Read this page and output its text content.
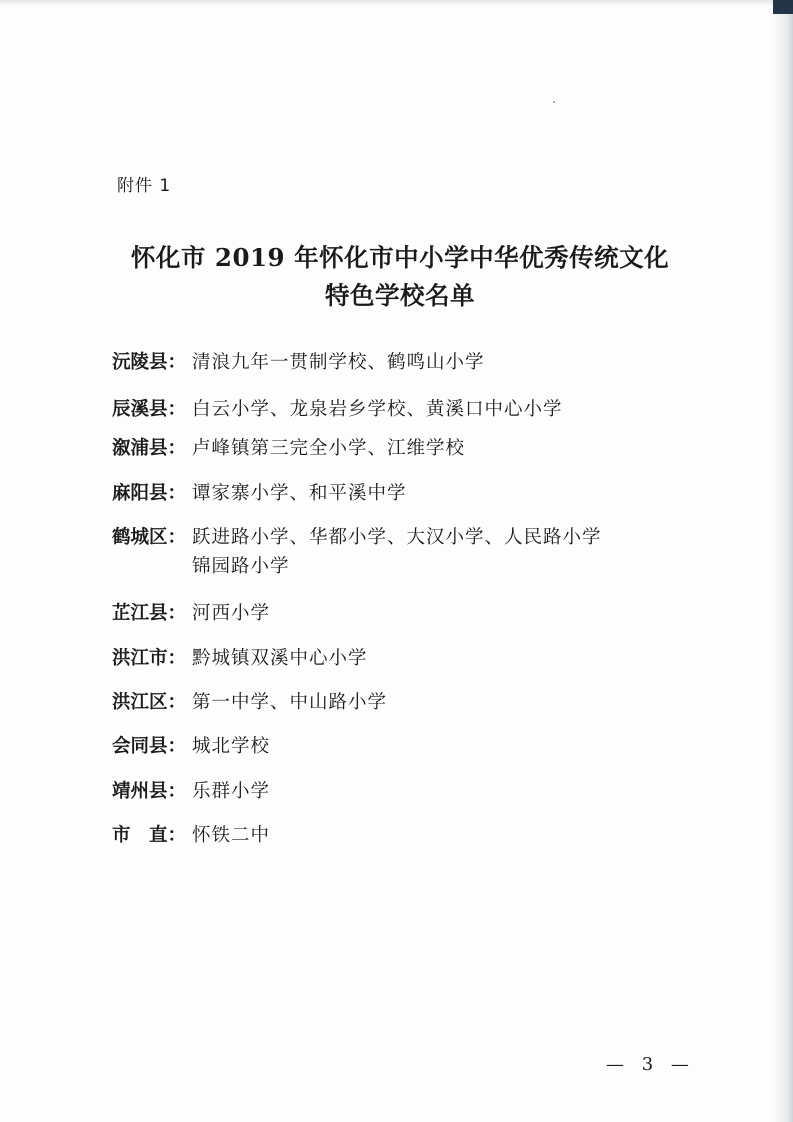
附件 1
怀化市 2019 年怀化市中小学中华优秀传统文化
特色学校名单
沅陵县： 清浪九年一贯制学校、鹤鸣山小学
辰溪县： 白云小学、龙泉岩乡学校、黄溪口中心小学
溆浦县： 卢峰镇第三完全小学、江维学校
麻阳县： 谭家寨小学、和平溪中学
鹤城区： 跃进路小学、华都小学、大汉小学、人民路小学
锦园路小学
芷江县： 河西小学
洪江市： 黔城镇双溪中心小学
洪江区： 第一中学、中山路小学
会同县： 城北学校
靖州县： 乐群小学
市　直： 怀铁二中
— 3 —
